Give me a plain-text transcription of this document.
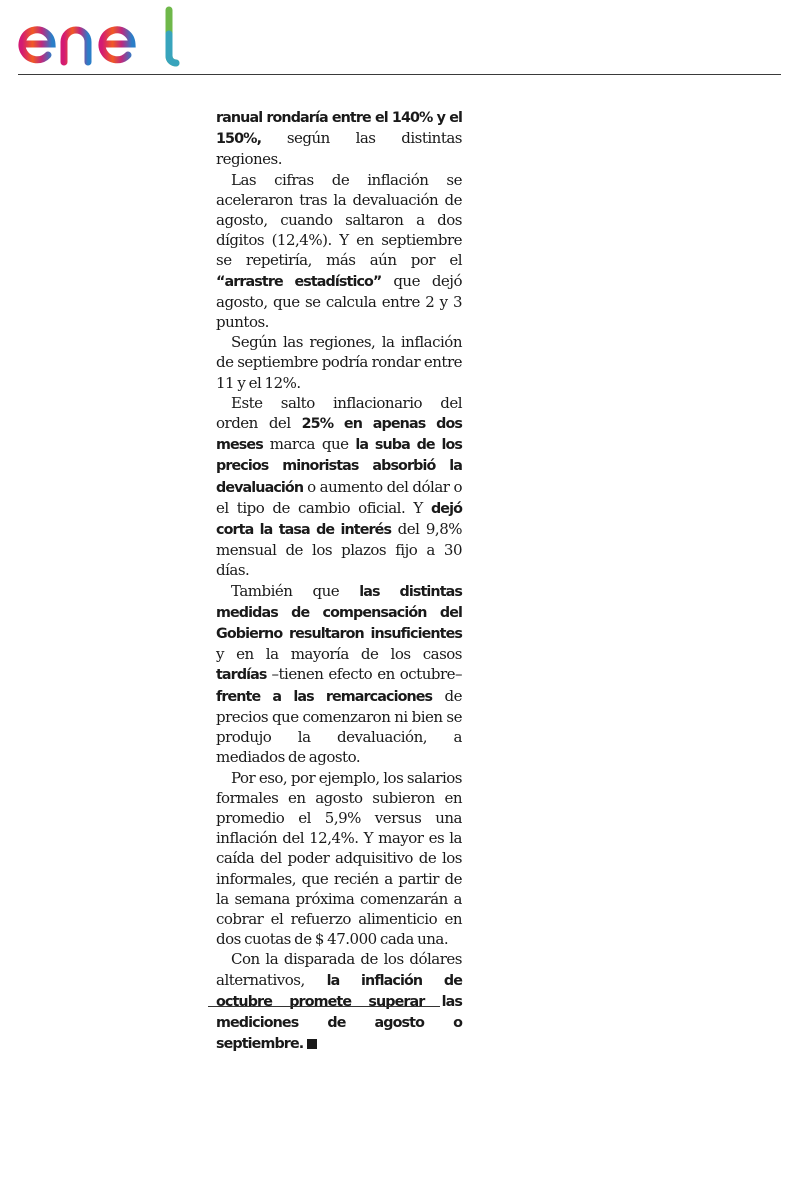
ranual rondaría entre el 140% y el 150%, según las distintas regiones.

Las cifras de inflación se aceleraron tras la devaluación de agosto, cuando saltaron a dos dígitos (12,4%). Y en septiembre se repetiría, más aún por el “arrastre estadístico” que dejó agosto, que se calcula entre 2 y 3 puntos.

Según las regiones, la inflación de septiembre podría rondar entre 11 y el 12%.

Este salto inflacionario del orden del 25% en apenas dos meses marca que la suba de los precios minoristas absorbió la devaluación o aumento del dólar o el tipo de cambio oficial. Y dejó corta la tasa de interés del 9,8% mensual de los plazos fijo a 30 días.

También que las distintas medidas de compensación del Gobierno resultaron insuficientes y en la mayoría de los casos tardías –tienen efecto en octubre– frente a las remarcaciones de precios que comenzaron ni bien se produjo la devaluación, a mediados de agosto.

Por eso, por ejemplo, los salarios formales en agosto subieron en promedio el 5,9% versus una inflación del 12,4%. Y mayor es la caída del poder adquisitivo de los informales, que recién a partir de la semana próxima comenzarán a cobrar el refuerzo alimenticio en dos cuotas de $ 47.000 cada una.

Con la disparada de los dólares alternativos, la inflación de octubre promete superar las mediciones de agosto o septiembre.
